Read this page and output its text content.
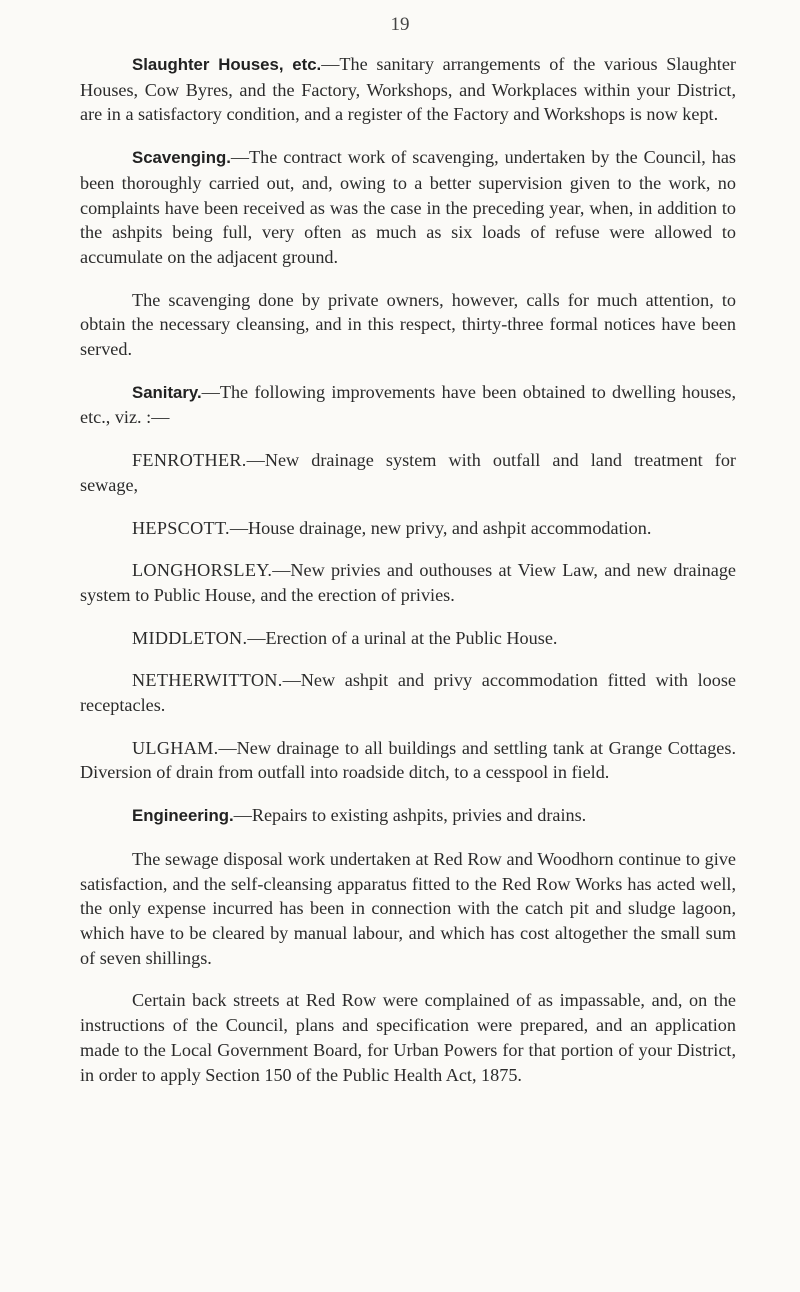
19

Slaughter Houses, etc.—The sanitary arrangements of the various Slaughter Houses, Cow Byres, and the Factory, Workshops, and Workplaces within your District, are in a satisfactory condition, and a register of the Factory and Workshops is now kept.

Scavenging.—The contract work of scavenging, undertaken by the Council, has been thoroughly carried out, and, owing to a better supervision given to the work, no complaints have been received as was the case in the preceding year, when, in addition to the ashpits being full, very often as much as six loads of refuse were allowed to accumulate on the adjacent ground.

The scavenging done by private owners, however, calls for much attention, to obtain the necessary cleansing, and in this respect, thirty-three formal notices have been served.

Sanitary.—The following improvements have been obtained to dwelling houses, etc., viz. :—

FENROTHER.—New drainage system with outfall and land treatment for sewage,

HEPSCOTT.—House drainage, new privy, and ashpit accommodation.

LONGHORSLEY.—New privies and outhouses at View Law, and new drainage system to Public House, and the erection of privies.

MIDDLETON.—Erection of a urinal at the Public House.

NETHERWITTON.—New ashpit and privy accommodation fitted with loose receptacles.

ULGHAM.—New drainage to all buildings and settling tank at Grange Cottages. Diversion of drain from outfall into roadside ditch, to a cesspool in field.

Engineering.—Repairs to existing ashpits, privies and drains.

The sewage disposal work undertaken at Red Row and Woodhorn continue to give satisfaction, and the self-cleansing apparatus fitted to the Red Row Works has acted well, the only expense incurred has been in connection with the catch pit and sludge lagoon, which have to be cleared by manual labour, and which has cost altogether the small sum of seven shillings.

Certain back streets at Red Row were complained of as impassable, and, on the instructions of the Council, plans and specification were prepared, and an application made to the Local Government Board, for Urban Powers for that portion of your District, in order to apply Section 150 of the Public Health Act, 1875.
